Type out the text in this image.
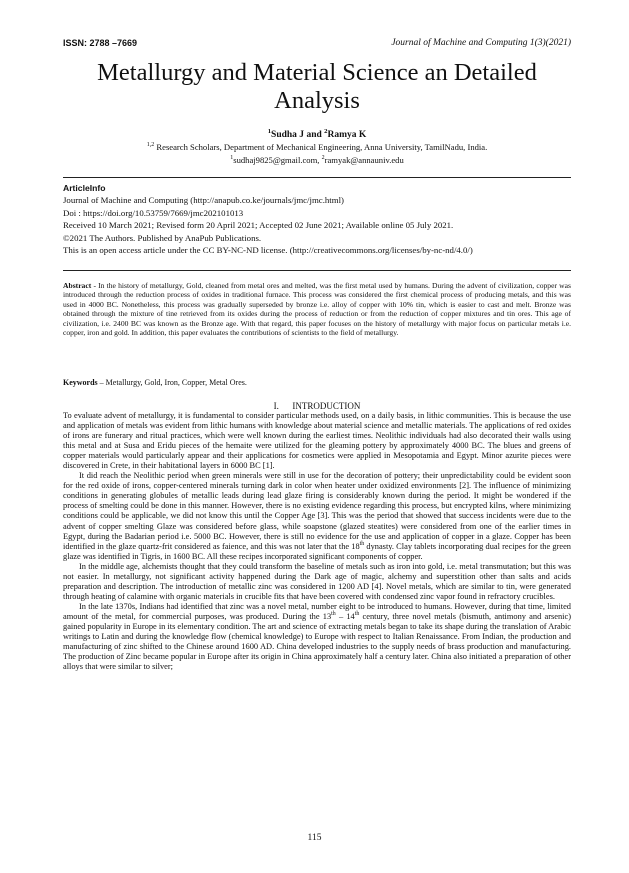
ISSN: 2788 –7669	Journal of Machine and Computing 1(3)(2021)
Metallurgy and Material Science an Detailed Analysis
$^1$Sudha J and $^2$Ramya K
$^{1,2}$ Research Scholars, Department of Mechanical Engineering, Anna University, TamilNadu, India.
$^1$sudhaj9825@gmail.com, $^2$ramyak@annauniv.edu
ArticleInfo
Journal of Machine and Computing (http://anapub.co.ke/journals/jmc/jmc.html)
Doi : https://doi.org/10.53759/7669/jmc202101013
Received 10 March 2021; Revised form 20 April 2021; Accepted 02 June 2021; Available online 05 July 2021.
©2021 The Authors. Published by AnaPub Publications.
This is an open access article under the CC BY-NC-ND license. (http://creativecommons.org/licenses/by-nc-nd/4.0/)
Abstract - In the history of metallurgy, Gold, cleaned from metal ores and melted, was the first metal used by humans. During the advent of civilization, copper was introduced through the reduction process of oxides in traditional furnace. This process was considered the first chemical process of producing metals, and this was used in 4000 BC. Nonetheless, this process was gradually superseded by bronze i.e. alloy of copper with 10% tin, which is easier to cast and melt. Bronze was obtained through the mixture of tine retrieved from its oxides during the process of reduction or from the reduction of copper mixtures and tin ores. This age of civilization, i.e. 2400 BC was known as the Bronze age. With that regard, this paper focuses on the history of metallurgy with major focus on particular metals i.e. copper, iron and gold. In addition, this paper evaluates the contributions of scientists to the field of metallurgy.
Keywords – Metallurgy, Gold, Iron, Copper, Metal Ores.
I. INTRODUCTION

To evaluate advent of metallurgy, it is fundamental to consider particular methods used, on a daily basis, in lithic communities. This is because the use and application of metals was evident from lithic humans with knowledge about material science and metallic materials. The applications of red oxides of irons are funerary and ritual practices, which were well known during the earliest times. Neolithic individuals had also decorated their walls using this metal and at Susa and Eridu pieces of the hemaite were utilized for the gleaming pottery by approximately 4000 BC. The blues and greens of copper materials would particularly appear and their applications for cosmetics were applied in Mesopotamia and Egypt. Minor azurite pieces were discovered in Crete, in their habitational layers in 6000 BC [1].

It did reach the Neolithic period when green minerals were still in use for the decoration of pottery; their unpredictability could be evident soon for the red oxide of irons, copper-centered minerals turning dark in color when heater under oxidized environments [2]. The influence of minimizing conditions in generating globules of metallic leads during lead glaze firing is considerably known during the period. It might be wondered if the process of smelting could be done in this manner. However, there is no existing evidence regarding this process, but encrypted kilns, where minimizing conditions could be applicable, we did not know this until the Copper Age [3]. This was the period that showed that success incidents were due to the advent of copper smelting Glaze was considered before glass, while soapstone (glazed steatites) were considered from one of the earlier times in Egypt, during the Badarian period i.e. 5000 BC. However, there is still no evidence for the use and application of copper in a glaze. Copper has been identified in the glaze quartz-frit considered as faience, and this was not later that the 18th dynasty. Clay tablets incorporating dual recipes for the green glaze was identified in Tigris, in 1600 BC. All these recipes incorporated significant components of copper.

In the middle age, alchemists thought that they could transform the baseline of metals such as iron into gold, i.e. metal transmutation; but this was not easier. In metallurgy, not significant activity happened during the Dark age of magic, alchemy and superstition other than salts and acids preparation and description. The introduction of metallic zinc was considered in 1200 AD [4]. Novel metals, which are similar to tin, were generated through heating of calamine with organic materials in crucible fits that have been covered with condensed zinc vapor found in refractory crucibles.

In the late 1370s, Indians had identified that zinc was a novel metal, number eight to be introduced to humans. However, during that time, limited amount of the metal, for commercial purposes, was produced. During the 13th – 14th century, three novel metals (bismuth, antimony and arsenic) gained popularity in Europe in its elementary condition. The art and science of extracting metals began to take its shape during the translation of Arabic writings to Latin and during the knowledge flow (chemical knowledge) to Europe with respect to Italian Renaissance. From Indian, the production and manufacturing of zinc shifted to the Chinese around 1600 AD. China developed industries to the supply needs of brass production and manufacturing. The production of Zinc became popular in Europe after its origin in China approximately half a century later. China also initiated a preparation of other alloys that were similar to silver;

115
